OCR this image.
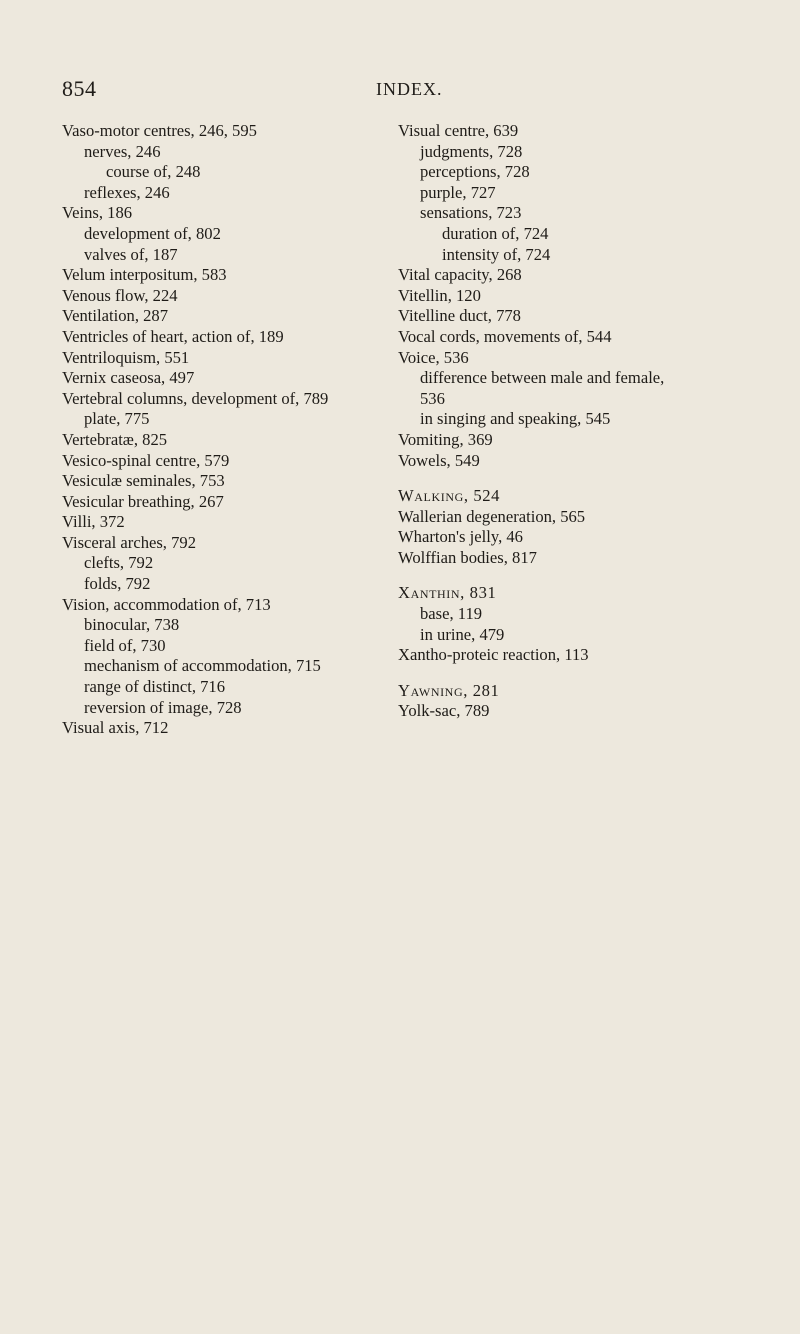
854	INDEX.
Vaso-motor centres, 246, 595
nerves, 246
course of, 248
reflexes, 246
Veins, 186
development of, 802
valves of, 187
Velum interpositum, 583
Venous flow, 224
Ventilation, 287
Ventricles of heart, action of, 189
Ventriloquism, 551
Vernix caseosa, 497
Vertebral columns, development of, 789
plate, 775
Vertebratæ, 825
Vesico-spinal centre, 579
Vesiculæ seminales, 753
Vesicular breathing, 267
Villi, 372
Visceral arches, 792
clefts, 792
folds, 792
Vision, accommodation of, 713
binocular, 738
field of, 730
mechanism of accommodation, 715
range of distinct, 716
reversion of image, 728
Visual axis, 712
Visual centre, 639
judgments, 728
perceptions, 728
purple, 727
sensations, 723
duration of, 724
intensity of, 724
Vital capacity, 268
Vitellin, 120
Vitelline duct, 778
Vocal cords, movements of, 544
Voice, 536
difference between male and female,
536
in singing and speaking, 545
Vomiting, 369
Vowels, 549
Walking, 524
Wallerian degeneration, 565
Wharton's jelly, 46
Wolffian bodies, 817
Xanthin, 831
base, 119
in urine, 479
Xantho-proteic reaction, 113
Yawning, 281
Yolk-sac, 789
